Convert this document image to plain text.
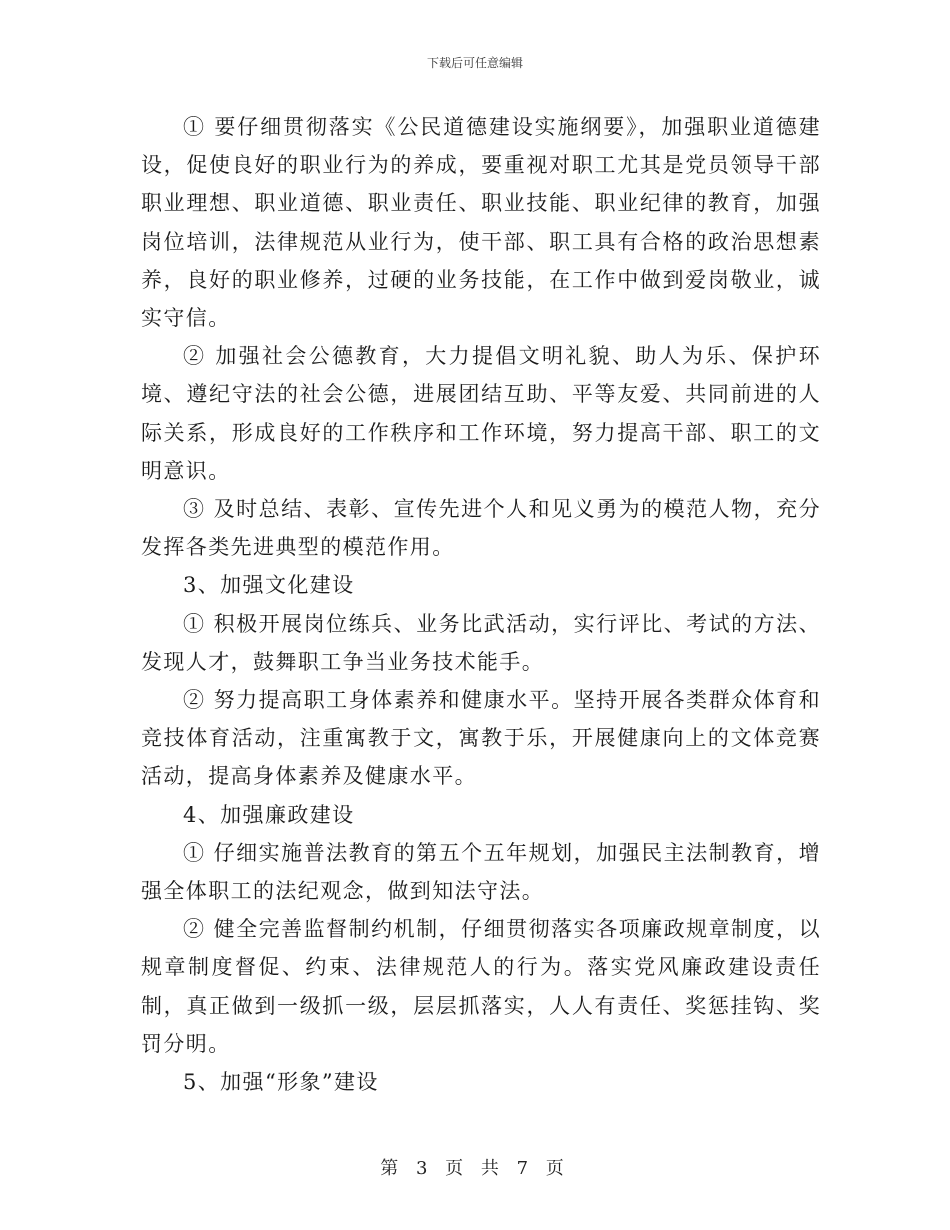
下载后可任意编辑

① 要仔细贯彻落实《公民道德建设实施纲要》，加强职业道德建设，促使良好的职业行为的养成，要重视对职工尤其是党员领导干部职业理想、职业道德、职业责任、职业技能、职业纪律的教育，加强岗位培训，法律规范从业行为，使干部、职工具有合格的政治思想素养，良好的职业修养，过硬的业务技能，在工作中做到爱岗敬业，诚实守信。

② 加强社会公德教育，大力提倡文明礼貌、助人为乐、保护环境、遵纪守法的社会公德，进展团结互助、平等友爱、共同前进的人际关系，形成良好的工作秩序和工作环境，努力提高干部、职工的文明意识。

③ 及时总结、表彰、宣传先进个人和见义勇为的模范人物，充分发挥各类先进典型的模范作用。

3、加强文化建设

① 积极开展岗位练兵、业务比武活动，实行评比、考试的方法、发现人才，鼓舞职工争当业务技术能手。

② 努力提高职工身体素养和健康水平。坚持开展各类群众体育和竞技体育活动，注重寓教于文，寓教于乐，开展健康向上的文体竞赛活动，提高身体素养及健康水平。

4、加强廉政建设

① 仔细实施普法教育的第五个五年规划，加强民主法制教育，增强全体职工的法纪观念，做到知法守法。

② 健全完善监督制约机制，仔细贯彻落实各项廉政规章制度，以规章制度督促、约束、法律规范人的行为。落实党风廉政建设责任制，真正做到一级抓一级，层层抓落实，人人有责任、奖惩挂钩、奖罚分明。

5、加强“形象”建设

第 3 页 共 7 页
